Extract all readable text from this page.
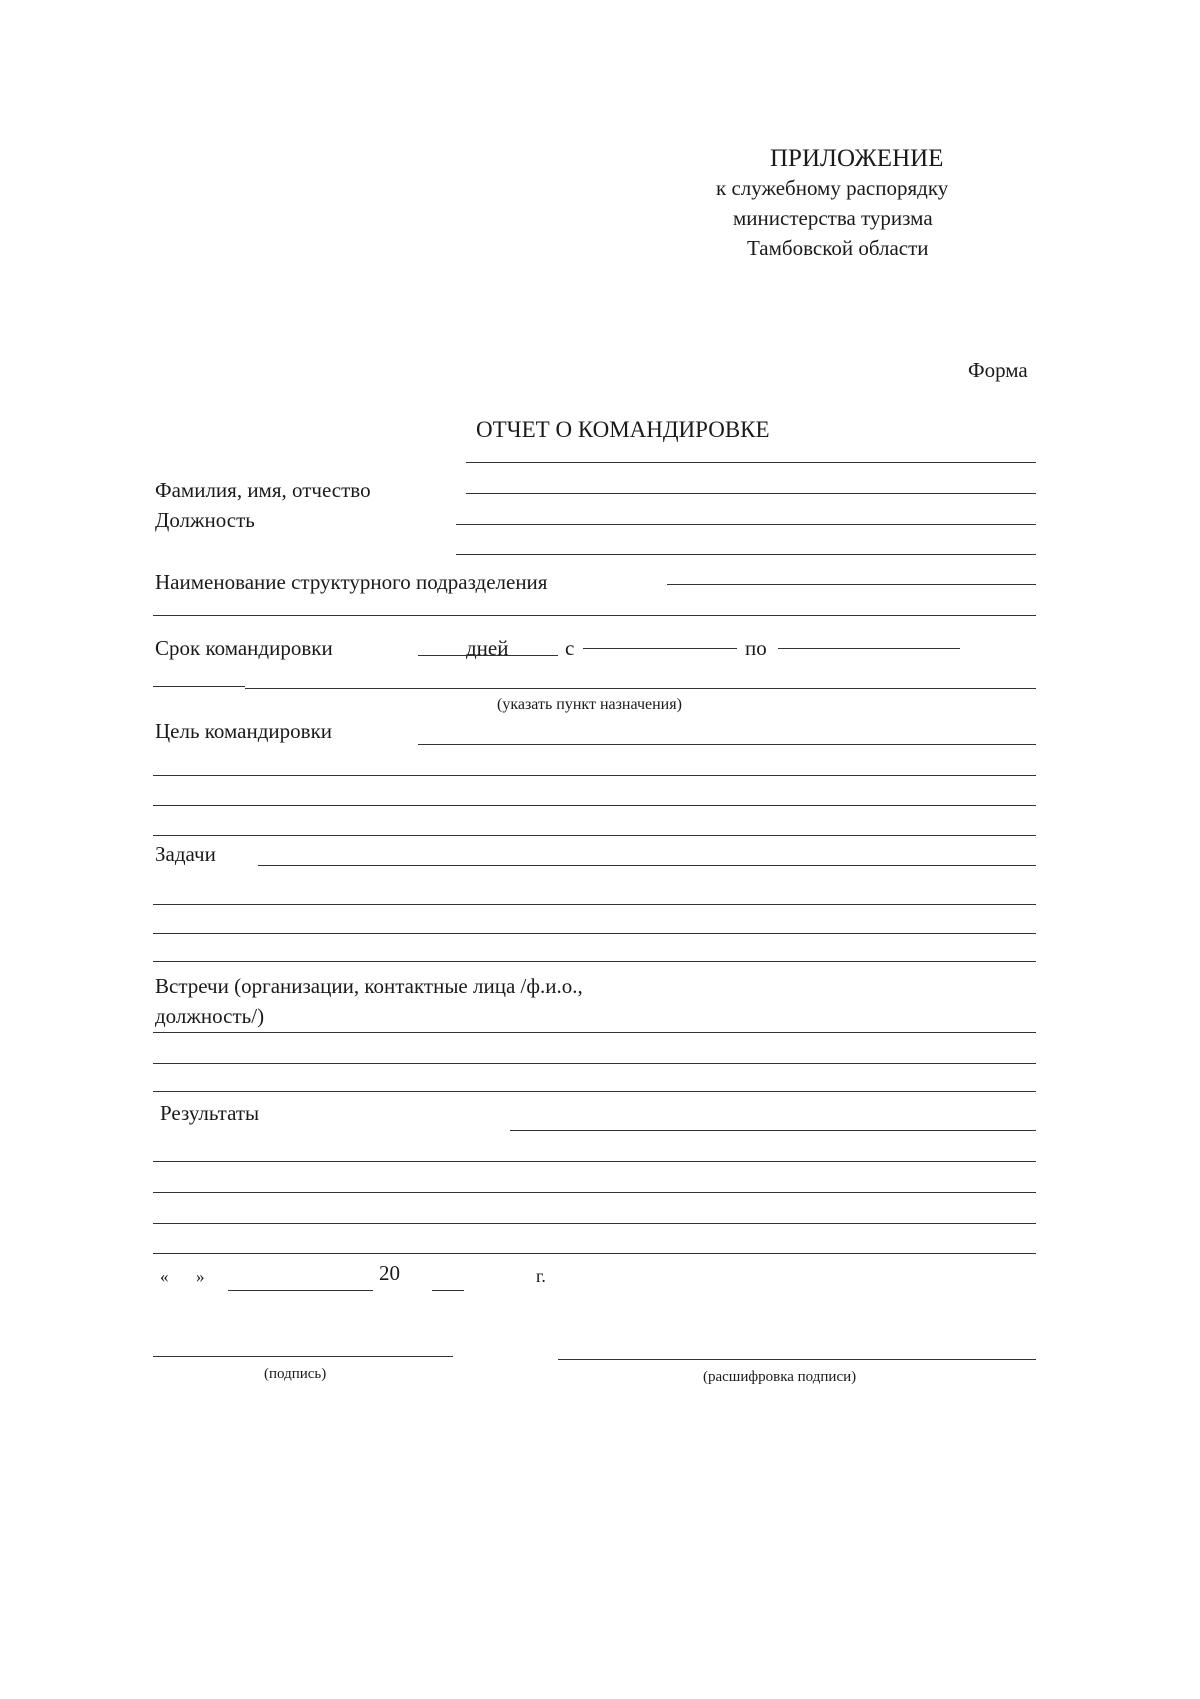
ПРИЛОЖЕНИЕ
к служебному распорядку
министерства туризма
Тамбовской области
Форма
ОТЧЕТ О КОМАНДИРОВКЕ
Фамилия, имя, отчество
Должность
Наименование структурного подразделения
Срок командировки	дней	с	по
(указать пункт назначения)
Цель командировки
Задачи
Встречи (организации, контактные лица /ф.и.о.,
должность/)
Результаты
« »	20	г.
(подпись)	(расшифровка подписи)
